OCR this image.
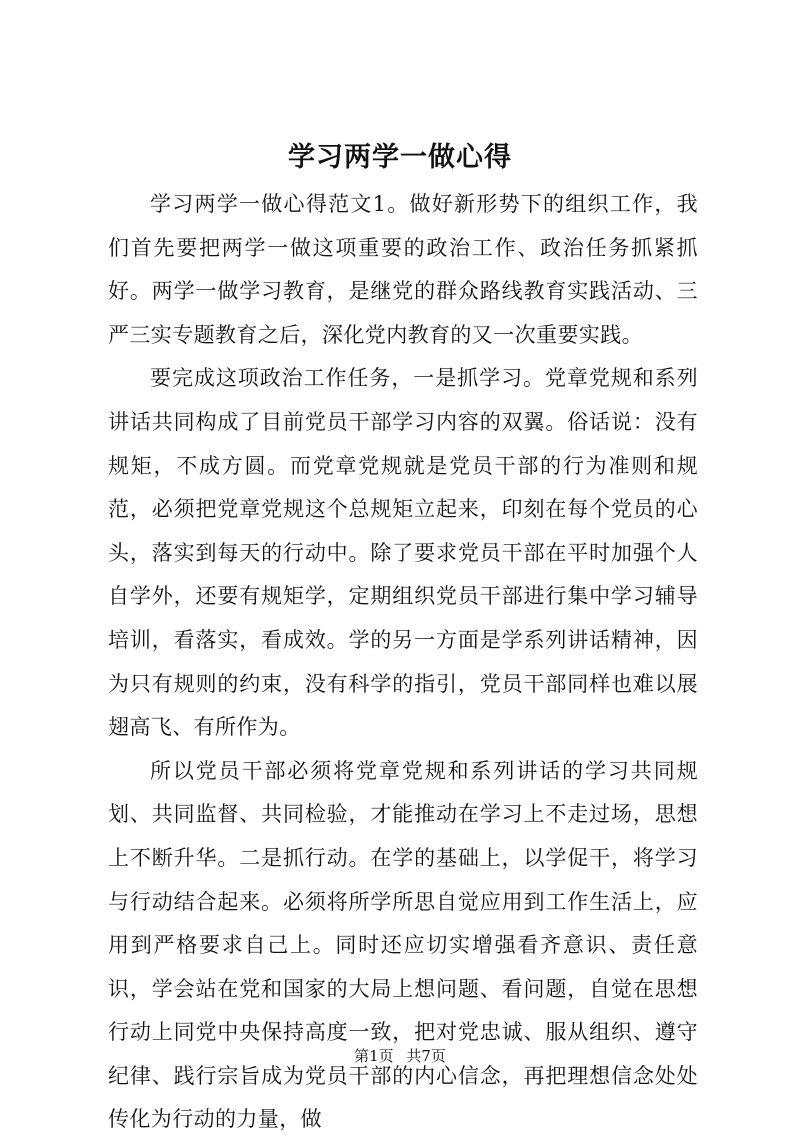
学习两学一做心得

学习两学一做心得范文1。做好新形势下的组织工作，我们首先要把两学一做这项重要的政治工作、政治任务抓紧抓好。两学一做学习教育，是继党的群众路线教育实践活动、三严三实专题教育之后，深化党内教育的又一次重要实践。

要完成这项政治工作任务，一是抓学习。党章党规和系列讲话共同构成了目前党员干部学习内容的双翼。俗话说：没有规矩，不成方圆。而党章党规就是党员干部的行为准则和规范，必须把党章党规这个总规矩立起来，印刻在每个党员的心头，落实到每天的行动中。除了要求党员干部在平时加强个人自学外，还要有规矩学，定期组织党员干部进行集中学习辅导培训，看落实，看成效。学的另一方面是学系列讲话精神，因为只有规则的约束，没有科学的指引，党员干部同样也难以展翅高飞、有所作为。

所以党员干部必须将党章党规和系列讲话的学习共同规划、共同监督、共同检验，才能推动在学习上不走过场，思想上不断升华。二是抓行动。在学的基础上，以学促干，将学习与行动结合起来。必须将所学所思自觉应用到工作生活上，应用到严格要求自己上。同时还应切实增强看齐意识、责任意识，学会站在党和国家的大局上想问题、看问题，自觉在思想行动上同党中央保持高度一致，把对党忠诚、服从组织、遵守纪律、践行宗旨成为党员干部的内心信念，再把理想信念处处传化为行动的力量，做

第1页 共7页
